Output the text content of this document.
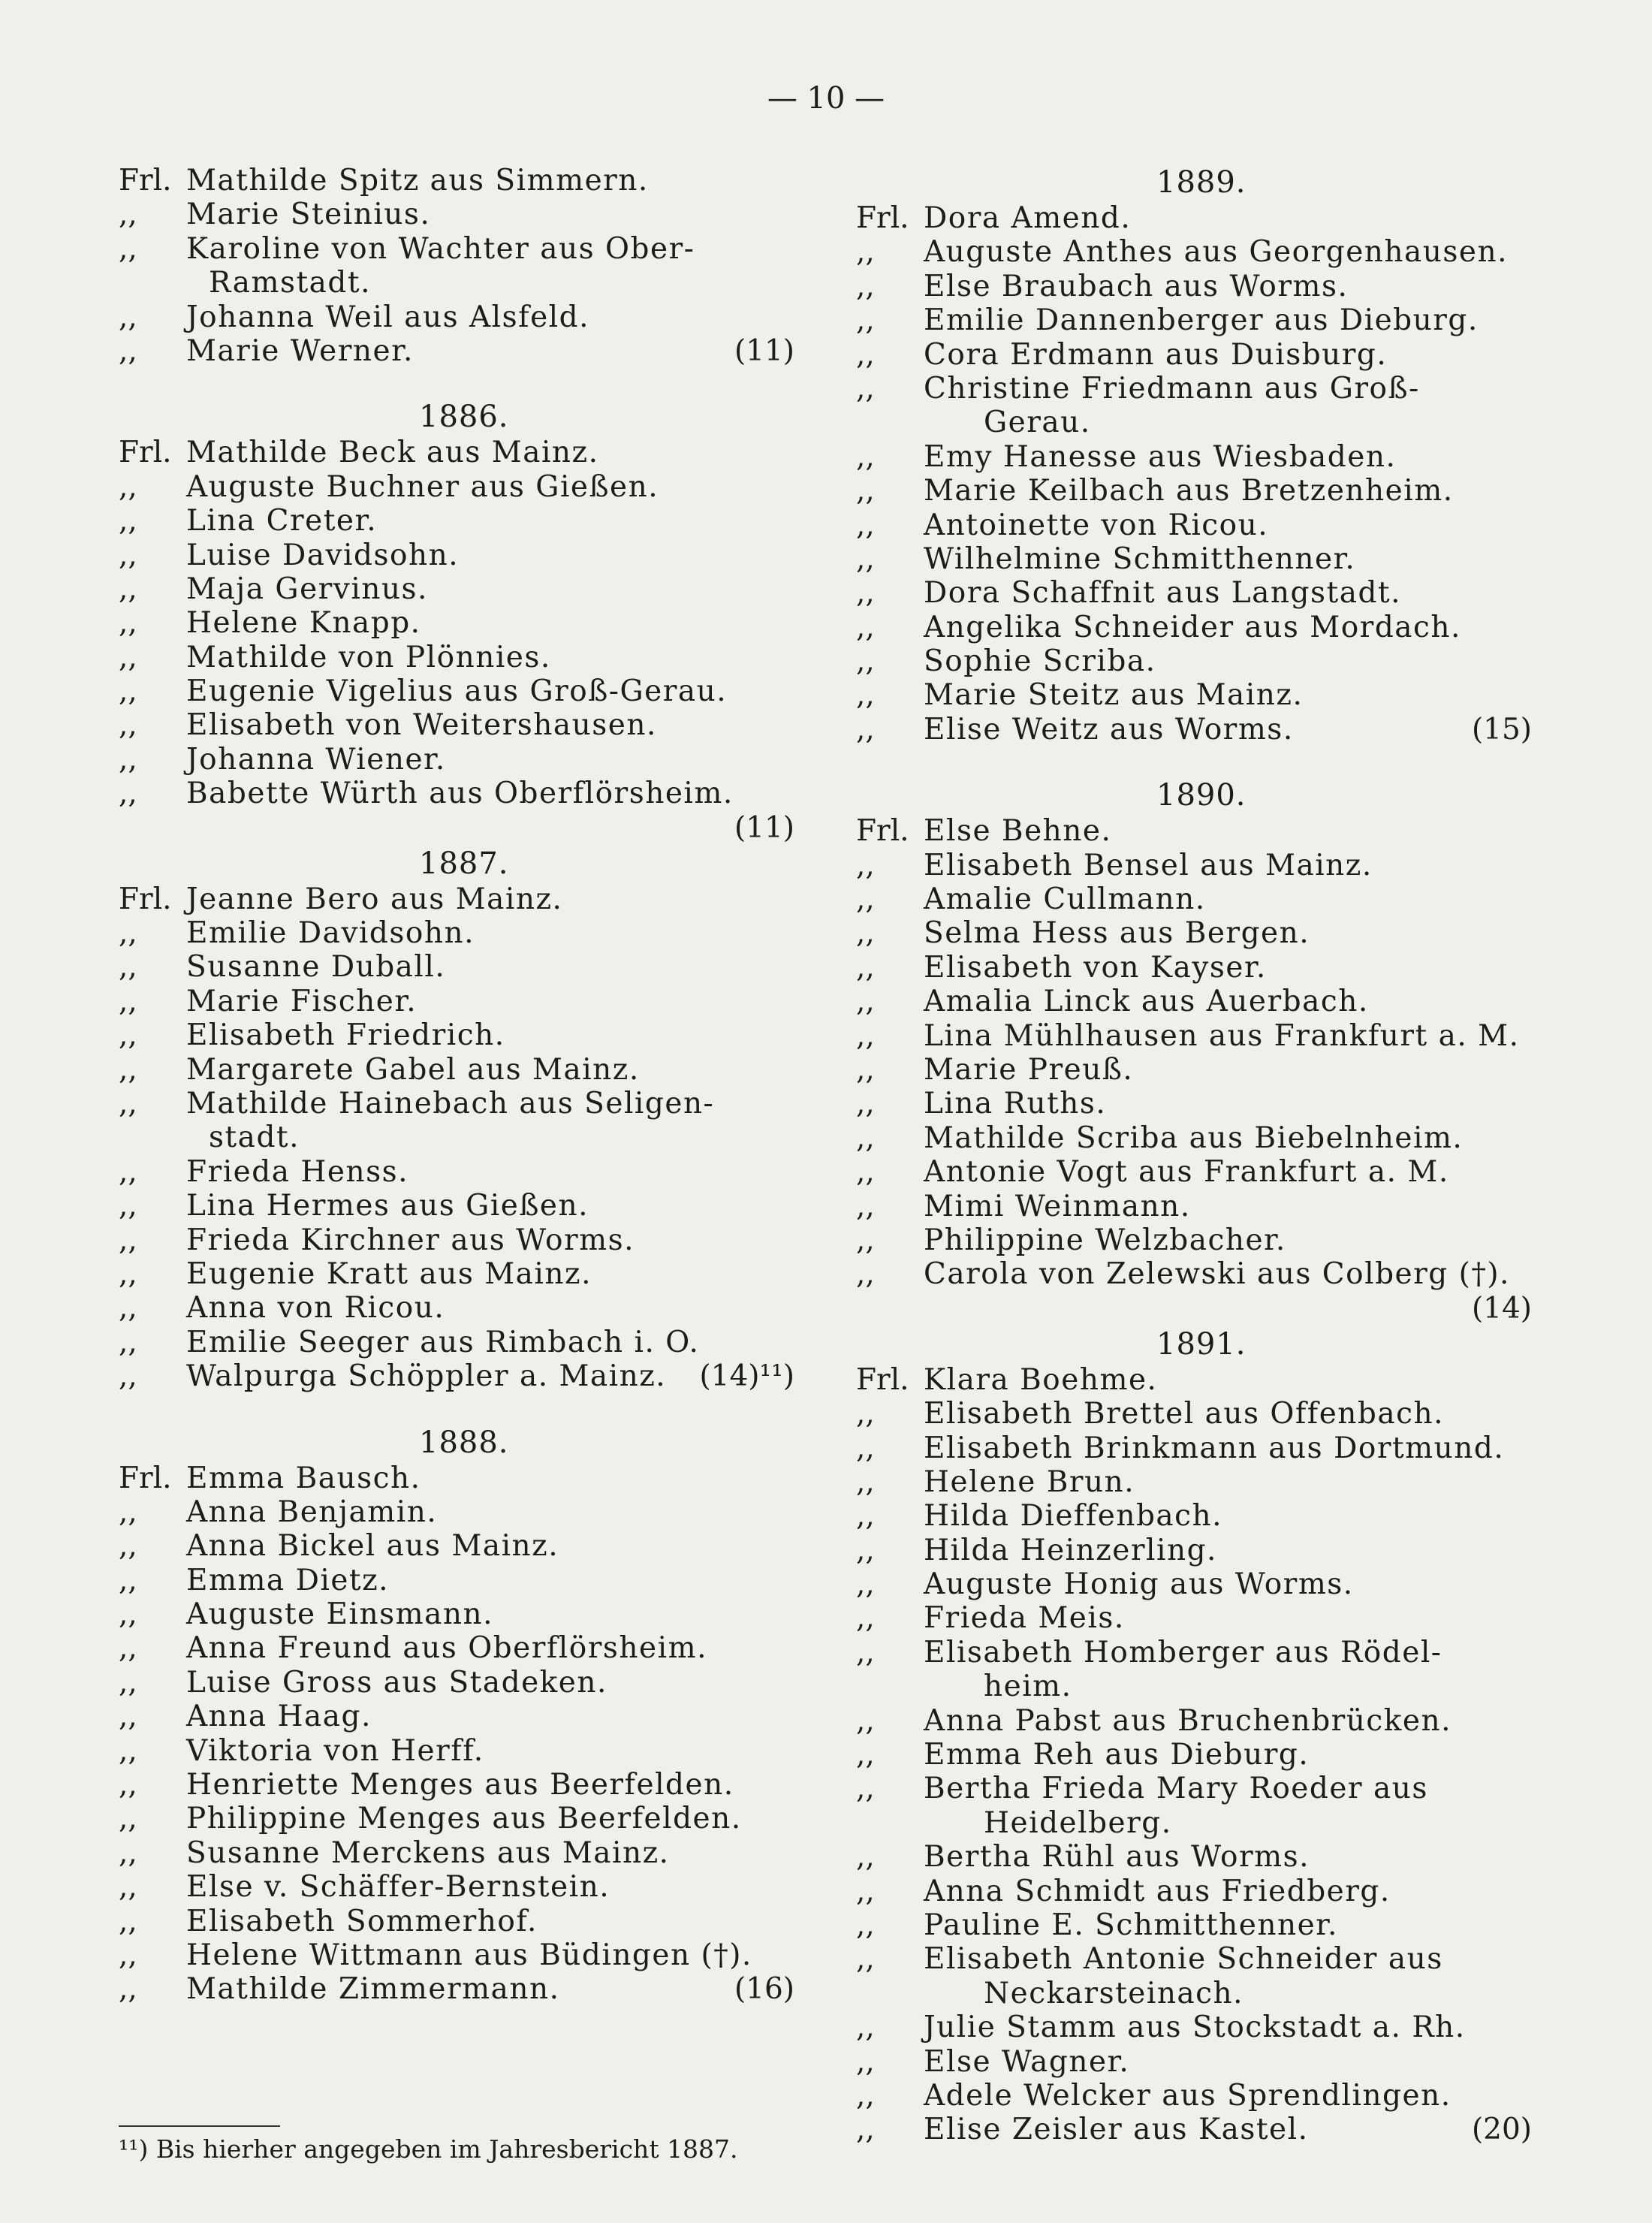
— 10 —
Frl. Mathilde Spitz aus Simmern.
,,	Marie Steinius.
,,	Karoline von Wachter aus Ober-
Ramstadt.
,,	Johanna Weil aus Alsfeld.
,,	Marie Werner.	(11)
1886.
Frl. Mathilde Beck aus Mainz.
,,	Auguste Buchner aus Gießen.
,,	Lina Creter.
,,	Luise Davidsohn.
,,	Maja Gervinus.
,,	Helene Knapp.
,,	Mathilde von Plönnies.
,,	Eugenie Vigelius aus Groß-Gerau.
,,	Elisabeth von Weitershausen.
,,	Johanna Wiener.
,,	Babette Würth aus Oberflörsheim.
(11)
1887.
Frl. Jeanne Bero aus Mainz.
,,	Emilie Davidsohn.
,,	Susanne Duball.
,,	Marie Fischer.
,,	Elisabeth Friedrich.
,,	Margarete Gabel aus Mainz.
,,	Mathilde Hainebach aus Seligen-
stadt.
,,	Frieda Henss.
,,	Lina Hermes aus Gießen.
,,	Frieda Kirchner aus Worms.
,,	Eugenie Kratt aus Mainz.
,,	Anna von Ricou.
,,	Emilie Seeger aus Rimbach i. O.
,,	Walpurga Schöppler a. Mainz. (14)¹¹)
1888.
Frl. Emma Bausch.
,,	Anna Benjamin.
,,	Anna Bickel aus Mainz.
,,	Emma Dietz.
,,	Auguste Einsmann.
,,	Anna Freund aus Oberflörsheim.
,,	Luise Gross aus Stadeken.
,,	Anna Haag.
,,	Viktoria von Herff.
,,	Henriette Menges aus Beerfelden.
,,	Philippine Menges aus Beerfelden.
,,	Susanne Merckens aus Mainz.
,,	Else v. Schäffer-Bernstein.
,,	Elisabeth Sommerhof.
,,	Helene Wittmann aus Büdingen (†).
,,	Mathilde Zimmermann.	(16)
1889.
Frl. Dora Amend.
,,	Auguste Anthes aus Georgenhausen.
,,	Else Braubach aus Worms.
,,	Emilie Dannenberger aus Dieburg.
,,	Cora Erdmann aus Duisburg.
,,	Christine Friedmann aus Groß-
Gerau.
,,	Emy Hanesse aus Wiesbaden.
,,	Marie Keilbach aus Bretzenheim.
,,	Antoinette von Ricou.
,,	Wilhelmine Schmitthenner.
,,	Dora Schaffnit aus Langstadt.
,,	Angelika Schneider aus Mordach.
,,	Sophie Scriba.
,,	Marie Steitz aus Mainz.
,,	Elise Weitz aus Worms.	(15)
1890.
Frl. Else Behne.
,,	Elisabeth Bensel aus Mainz.
,,	Amalie Cullmann.
,,	Selma Hess aus Bergen.
,,	Elisabeth von Kayser.
,,	Amalia Linck aus Auerbach.
,,	Lina Mühlhausen aus Frankfurt a. M.
,,	Marie Preuß.
,,	Lina Ruths.
,,	Mathilde Scriba aus Biebelnheim.
,,	Antonie Vogt aus Frankfurt a. M.
,,	Mimi Weinmann.
,,	Philippine Welzbacher.
,,	Carola von Zelewski aus Colberg (†).
(14)
1891.
Frl. Klara Boehme.
,,	Elisabeth Brettel aus Offenbach.
,,	Elisabeth Brinkmann aus Dortmund.
,,	Helene Brun.
,,	Hilda Dieffenbach.
,,	Hilda Heinzerling.
,,	Auguste Honig aus Worms.
,,	Frieda Meis.
,,	Elisabeth Homberger aus Rödel-
heim.
,,	Anna Pabst aus Bruchenbrücken.
,,	Emma Reh aus Dieburg.
,,	Bertha Frieda Mary Roeder aus
Heidelberg.
,,	Bertha Rühl aus Worms.
,,	Anna Schmidt aus Friedberg.
,,	Pauline E. Schmitthenner.
,,	Elisabeth Antonie Schneider aus
Neckarsteinach.
,,	Julie Stamm aus Stockstadt a. Rh.
,,	Else Wagner.
,,	Adele Welcker aus Sprendlingen.
,,	Elise Zeisler aus Kastel.	(20)
¹¹) Bis hierher angegeben im Jahresbericht 1887.
